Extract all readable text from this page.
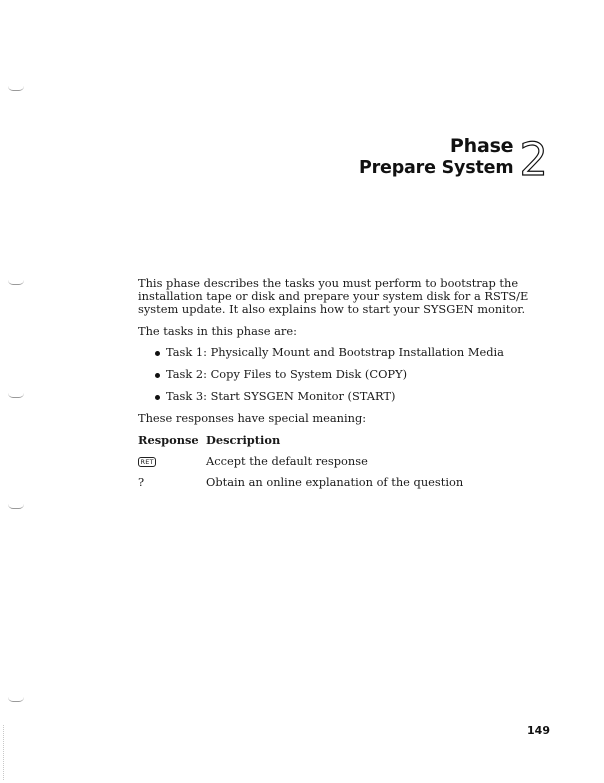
Phase
Prepare System 2

This phase describes the tasks you must perform to bootstrap the installation tape or disk and prepare your system disk for a RSTS/E system update. It also explains how to start your SYSGEN monitor.

The tasks in this phase are:

Task 1: Physically Mount and Bootstrap Installation Media
Task 2: Copy Files to System Disk (COPY)
Task 3: Start SYSGEN Monitor (START)

These responses have special meaning:

Response Description
RET	Accept the default response
?	Obtain an online explanation of the question
149
